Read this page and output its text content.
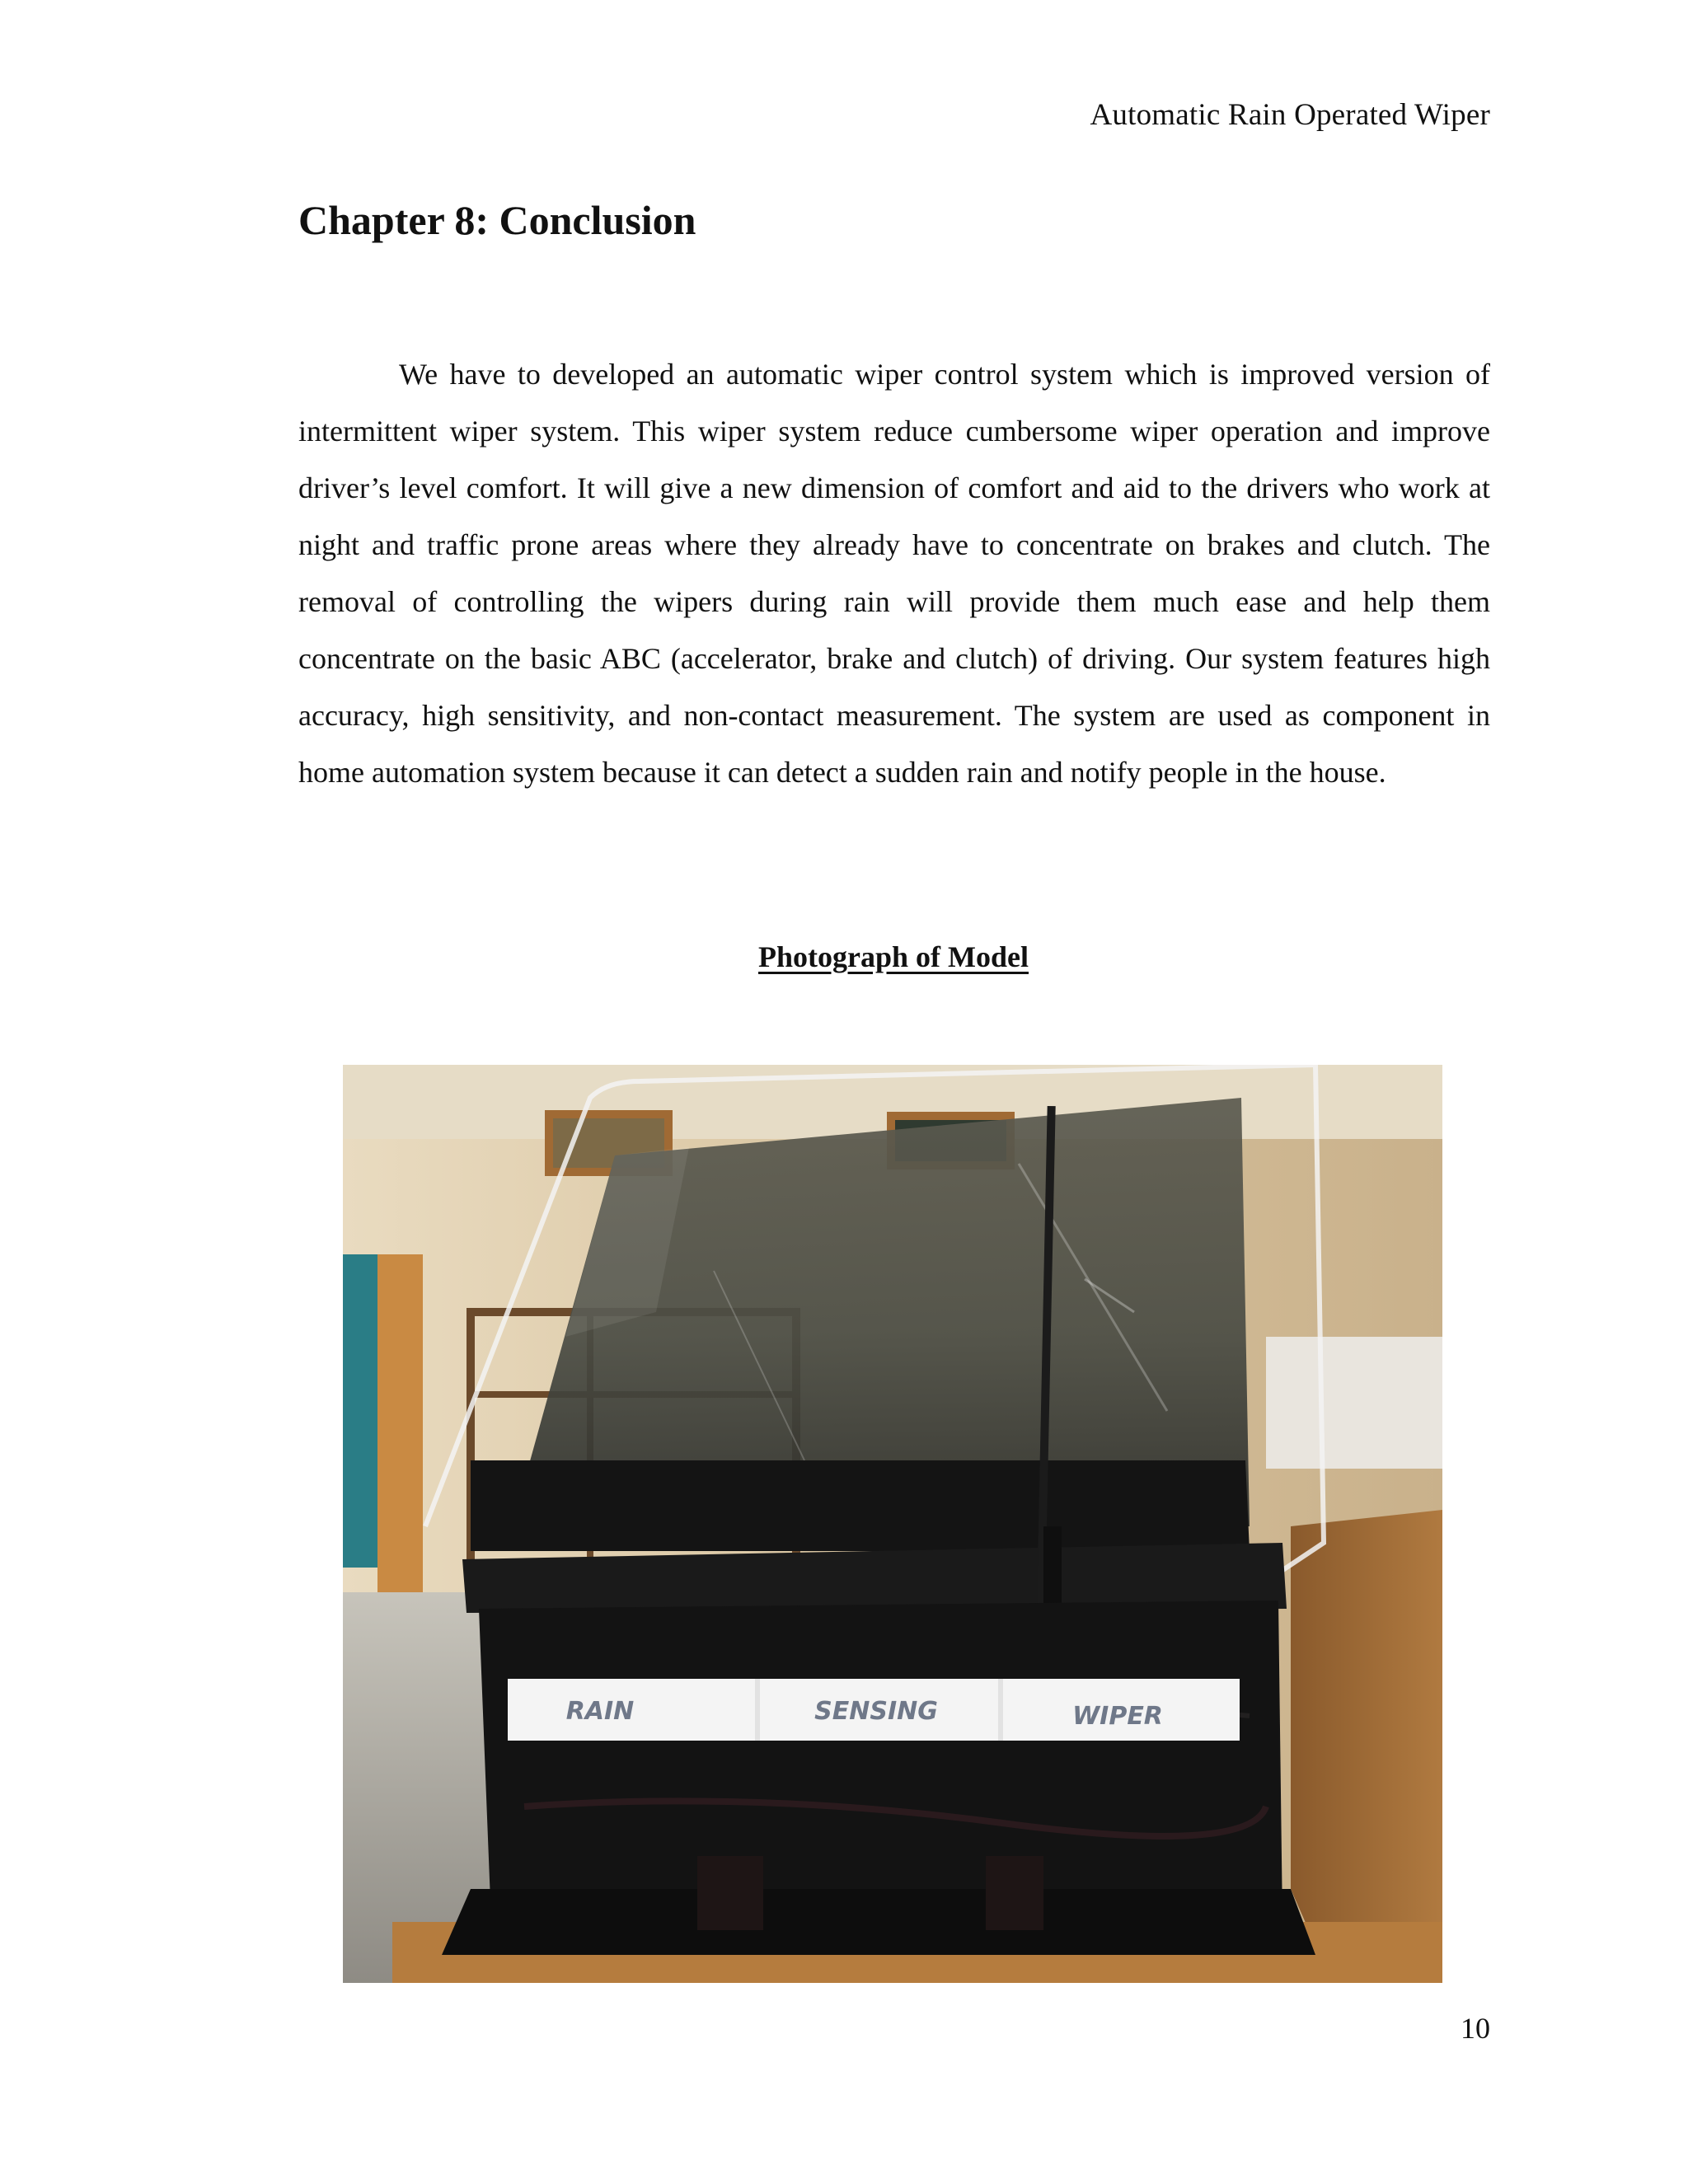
Automatic Rain Operated Wiper
Chapter 8: Conclusion

We have to developed an automatic wiper control system which is improved version of intermittent wiper system. This wiper system reduce cumbersome wiper operation and improve driver’s level comfort. It will give a new dimension of comfort and aid to the drivers who work at night and traffic prone areas where they already have to concentrate on brakes and clutch. The removal of controlling the wipers during rain will provide them much ease and help them concentrate on the basic ABC (accelerator, brake and clutch) of driving. Our system features high accuracy, high sensitivity, and non-contact measurement. The system are used as component in home automation system because it can detect a sudden rain and notify people in the house.

Photograph of Model
RAIN	SENSING	WIPER
10
